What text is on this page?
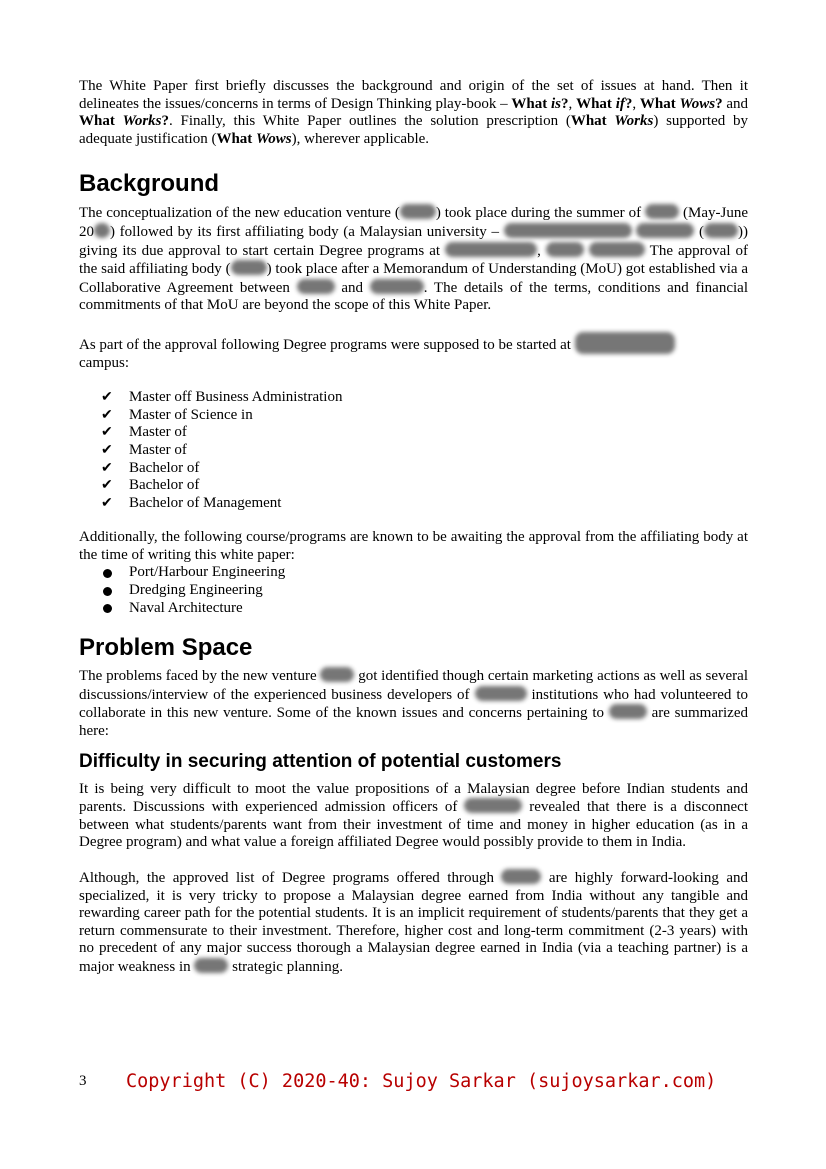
The White Paper first briefly discusses the background and origin of the set of issues at hand. Then it delineates the issues/concerns in terms of Design Thinking play-book – What is?, What if?, What Wows? and What Works?. Finally, this White Paper outlines the solution prescription (What Works) supported by adequate justification (What Wows), wherever applicable.

Background

The conceptualization of the new education venture ( ) took place during the summer of	(May-June 20 ) followed by its first affiliating body (a Malaysian university –	( )) giving its due approval to start certain Degree programs at	,	The approval of the said affiliating body ( ) took place after a Memorandum of Understanding (MoU) got established via a Collaborative Agreement between	and	. The details of the terms, conditions and financial commitments of that MoU are beyond the scope of this White Paper.

As part of the approval following Degree programs were supposed to be started at
campus:

✔ Master off Business Administration
✔ Master of Science in
✔ Master of
✔ Master of
✔ Bachelor of
✔ Bachelor of
✔ Bachelor of Management

Additionally, the following course/programs are known to be awaiting the approval from the affiliating body at the time of writing this white paper:

Port/Harbour Engineering
Dredging Engineering
Naval Architecture
Problem Space

The problems faced by the new venture  got identified though certain marketing actions as well as several discussions/interview of the experienced business developers of	institutions who had volunteered to collaborate in this new venture. Some of the known issues and concerns pertaining to	are summarized here:

Difficulty in securing attention of potential customers

It is being very difficult to moot the value propositions of a Malaysian degree before Indian students and parents. Discussions with experienced admission officers of	revealed that there is a disconnect between what students/parents want from their investment of time and money in higher education (as in a Degree program) and what value a foreign affiliated Degree would possibly provide to them in India.

Although, the approved list of Degree programs offered through	are highly forward-looking and specialized, it is very tricky to propose a Malaysian degree earned from India without any tangible and rewarding career path for the potential students. It is an implicit requirement of students/parents that they get a return commensurate to their investment. Therefore, higher cost and long-term commitment (2-3 years) with no precedent of any major success thorough a Malaysian degree earned in India (via a teaching partner) is a major weakness in  strategic planning.

3 Copyright (C) 2020-40: Sujoy Sarkar (sujoysarkar.com)
